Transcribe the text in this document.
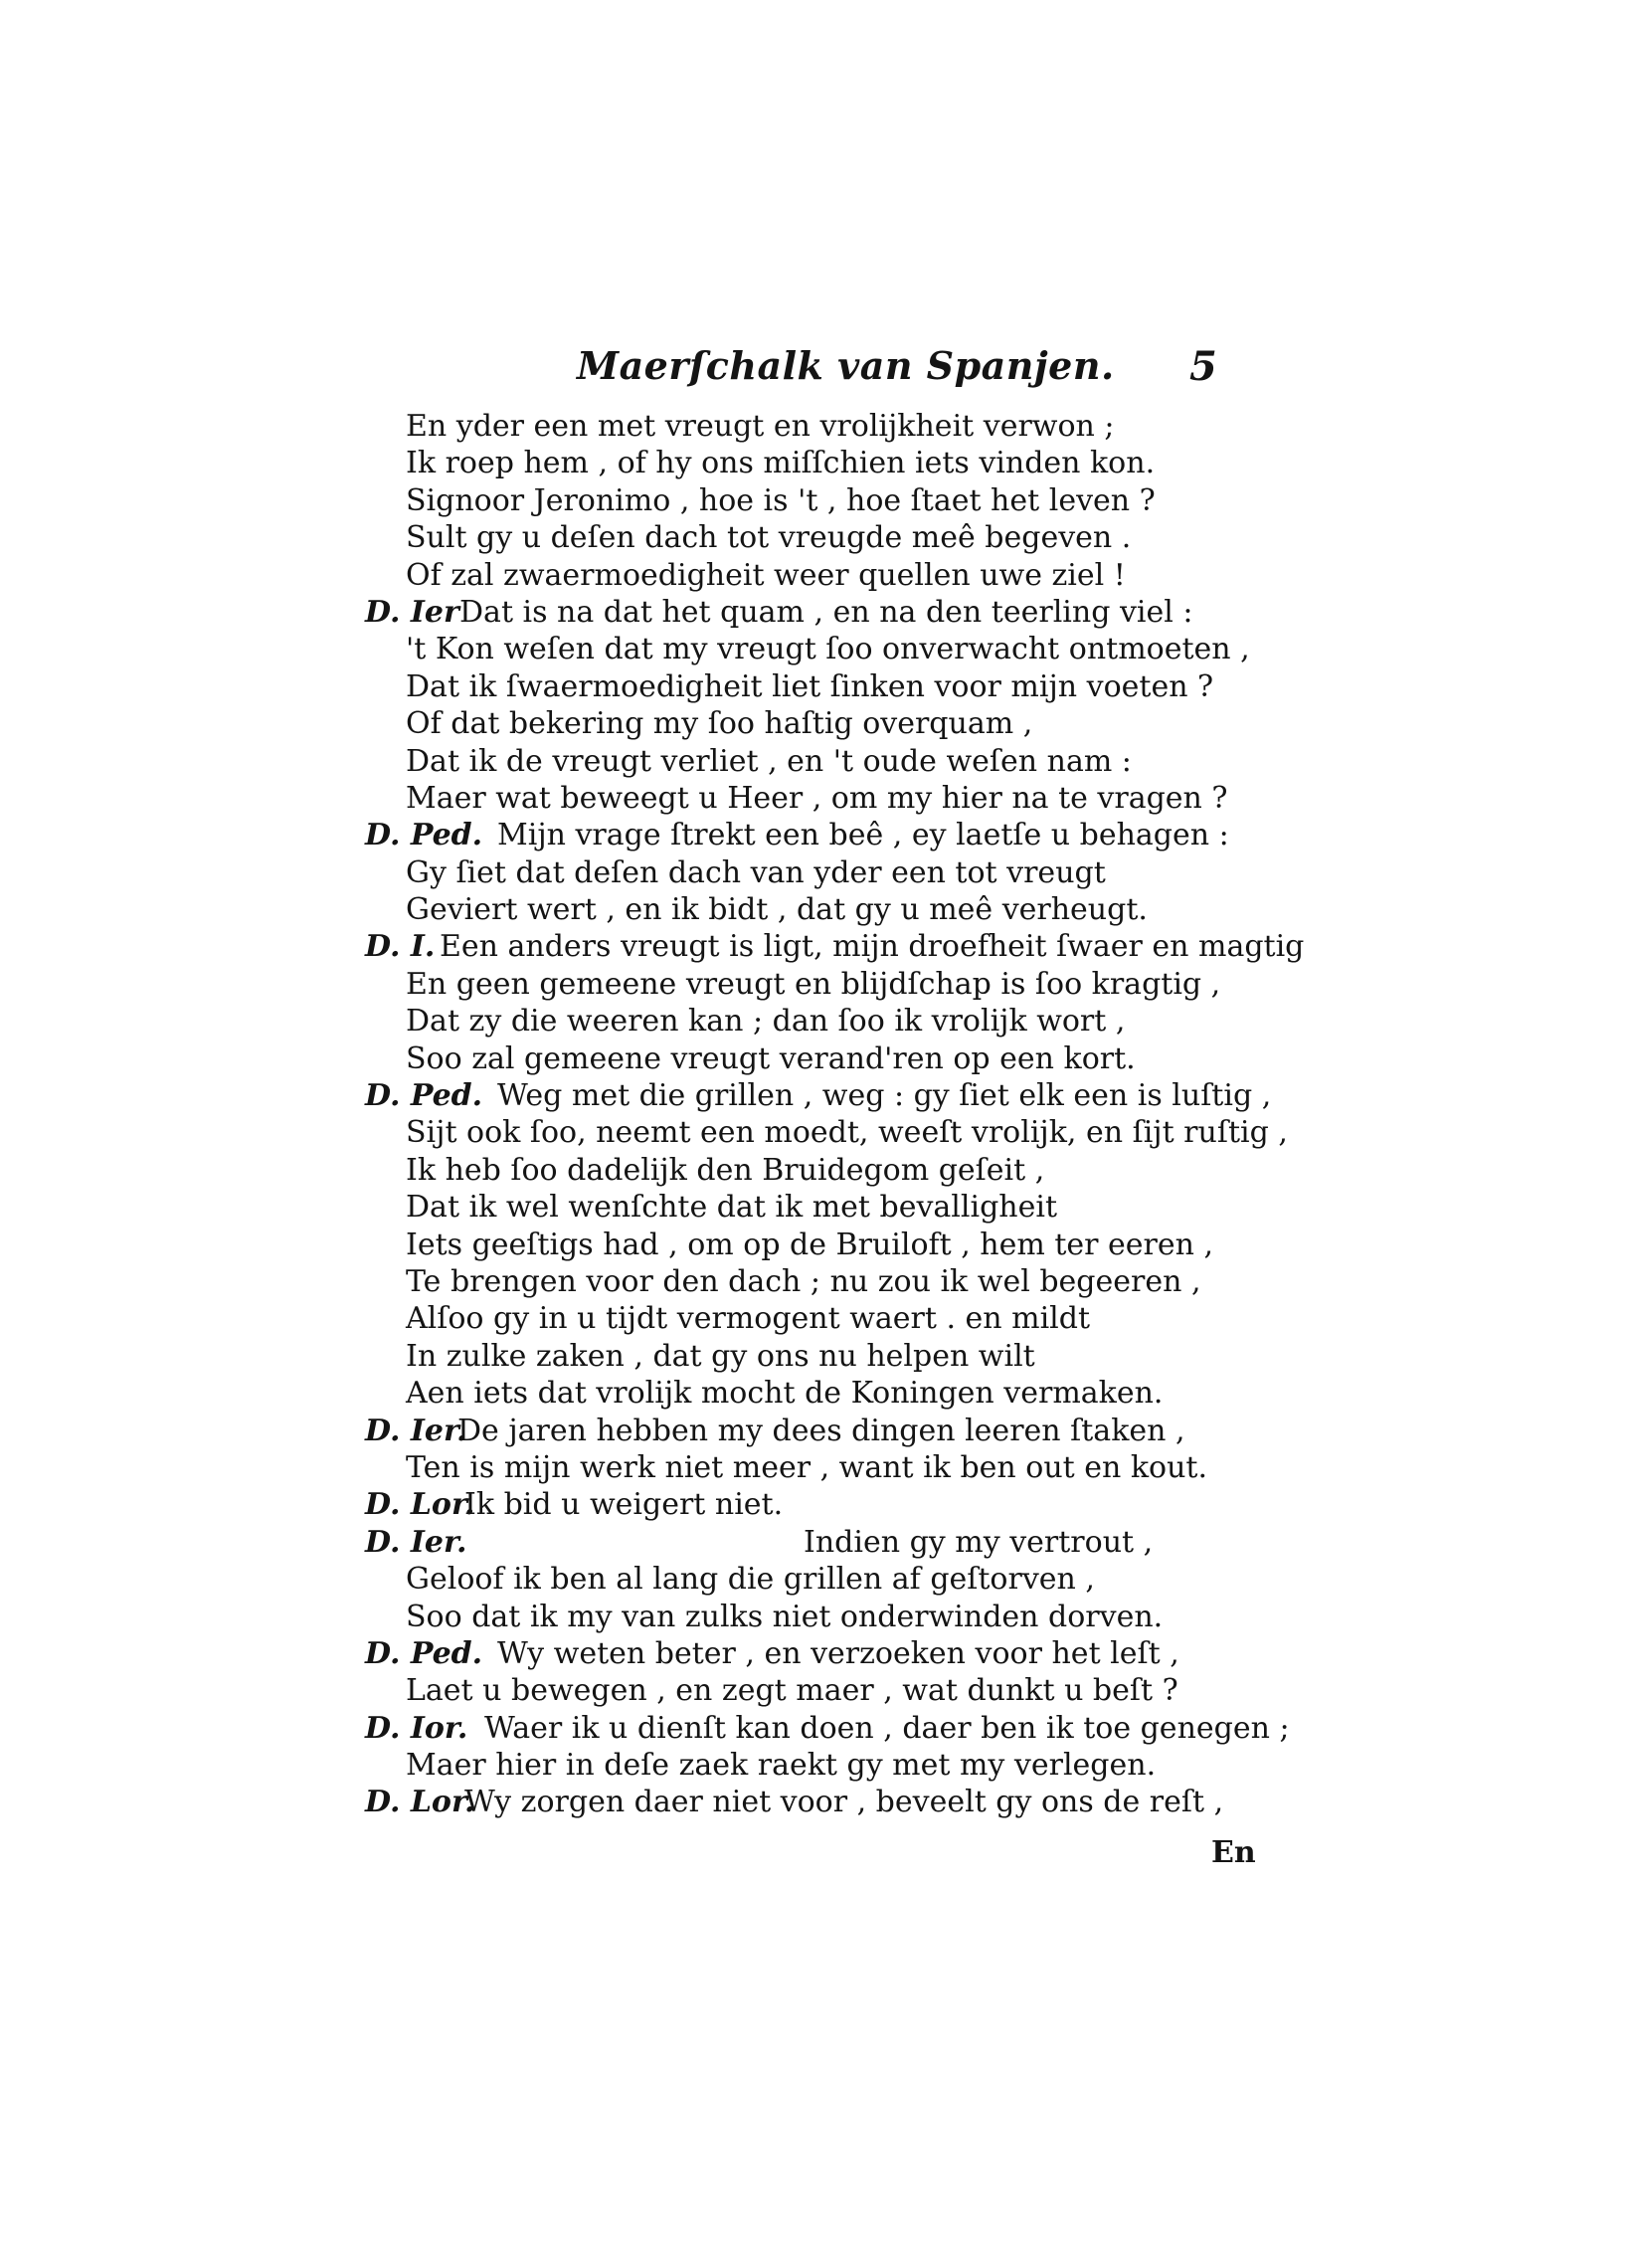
Maerſchalk van Spanjen. 5
En yder een met vreugt en vrolijkheit verwon ;
Ik roep hem , of hy ons miſſchien iets vinden kon.
Signoor Jeronimo , hoe is 't , hoe ſtaet het leven ?
Sult gy u deſen dach tot vreugde meê begeven .
Of zal zwaermoedigheit weer quellen uwe ziel !
D. Ier Dat is na dat het quam , en na den teerling viel :
't Kon weſen dat my vreugt ſoo onverwacht ontmoeten ,
Dat ik ſwaermoedigheit liet ſinken voor mijn voeten ?
Of dat bekering my ſoo haſtig overquam ,
Dat ik de vreugt verliet , en 't oude weſen nam :
Maer wat beweegt u Heer , om my hier na te vragen ?
D. Ped. Mijn vrage ſtrekt een beê , ey laetſe u behagen :
Gy ſiet dat deſen dach van yder een tot vreugt
Geviert wert , en ik bidt , dat gy u meê verheugt.
D. I. Een anders vreugt is ligt, mijn droefheit ſwaer en magtig
En geen gemeene vreugt en blijdſchap is ſoo kragtig ,
Dat zy die weeren kan ; dan ſoo ik vrolijk wort ,
Soo zal gemeene vreugt verand'ren op een kort.
D. Ped. Weg met die grillen , weg : gy ſiet elk een is luſtig ,
Sijt ook ſoo, neemt een moedt, weeſt vrolijk, en ſijt ruſtig ,
Ik heb ſoo dadelijk den Bruidegom geſeit ,
Dat ik wel wenſchte dat ik met bevalligheit
Iets geeſtigs had , om op de Bruiloft , hem ter eeren ,
Te brengen voor den dach ; nu zou ik wel begeeren ,
Alſoo gy in u tijdt vermogent waert . en mildt
In zulke zaken , dat gy ons nu helpen wilt
Aen iets dat vrolijk mocht de Koningen vermaken.
D. Ier.
De jaren hebben my dees dingen leeren ſtaken ,
Ten is mijn werk niet meer , want ik ben out en kout.
D. Lor.
Ik bid u weigert niet.
D. Ier.	Indien gy my vertrout ,
Geloof ik ben al lang die grillen af geſtorven ,
Soo dat ik my van zulks niet onderwinden dorven.
D. Ped. Wy weten beter , en verzoeken voor het leſt ,
Laet u bewegen , en zegt maer , wat dunkt u beſt ?
D. Ior. Waer ik u dienſt kan doen , daer ben ik toe genegen ;
Maer hier in deſe zaek raekt gy met my verlegen.
D. Lor.
Wy zorgen daer niet voor , beveelt gy ons de reſt ,
En
